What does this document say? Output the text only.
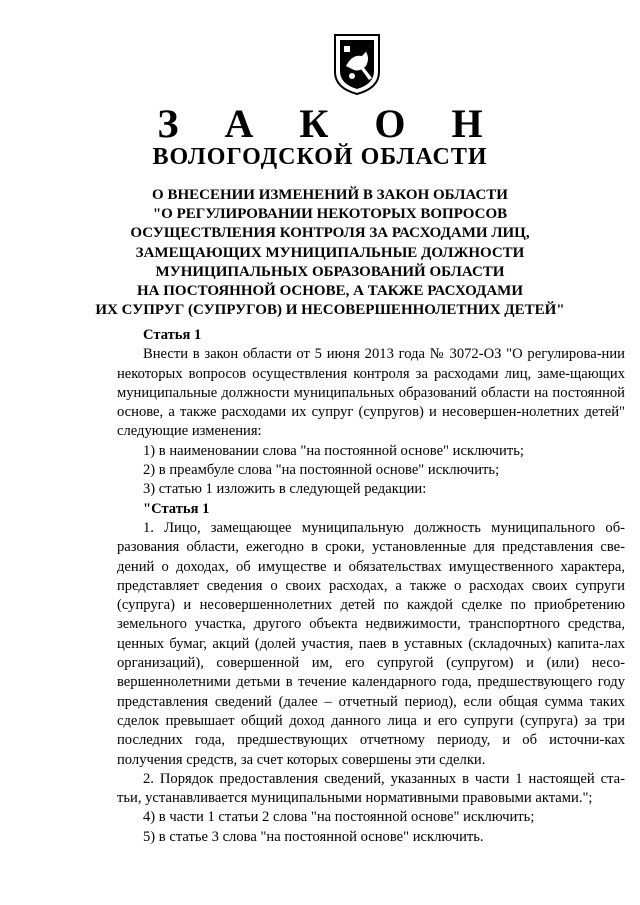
З А К О Н
ВОЛОГОДСКОЙ ОБЛАСТИ
О ВНЕСЕНИИ ИЗМЕНЕНИЙ В ЗАКОН ОБЛАСТИ
"О РЕГУЛИРОВАНИИ НЕКОТОРЫХ ВОПРОСОВ
ОСУЩЕСТВЛЕНИЯ КОНТРОЛЯ ЗА РАСХОДАМИ ЛИЦ,
ЗАМЕЩАЮЩИХ МУНИЦИПАЛЬНЫЕ ДОЛЖНОСТИ
МУНИЦИПАЛЬНЫХ ОБРАЗОВАНИЙ ОБЛАСТИ
НА ПОСТОЯННОЙ ОСНОВЕ, А ТАКЖЕ РАСХОДАМИ
ИХ СУПРУГ (СУПРУГОВ) И НЕСОВЕРШЕННОЛЕТНИХ ДЕТЕЙ"
Статья 1
Внести в закон области от 5 июня 2013 года № 3072-ОЗ "О регулирова-нии некоторых вопросов осуществления контроля за расходами лиц, заме-щающих муниципальные должности муниципальных образований области на постоянной основе, а также расходами их супруг (супругов) и несовершен-нолетних детей" следующие изменения:
1) в наименовании слова "на постоянной основе" исключить;
2) в преамбуле слова "на постоянной основе" исключить;
3) статью 1 изложить в следующей редакции:
"Статья 1
1. Лицо, замещающее муниципальную должность муниципального об-разования области, ежегодно в сроки, установленные для представления све-дений о доходах, об имуществе и обязательствах имущественного характера, представляет сведения о своих расходах, а также о расходах своих супруги (супруга) и несовершеннолетних детей по каждой сделке по приобретению земельного участка, другого объекта недвижимости, транспортного средства, ценных бумаг, акций (долей участия, паев в уставных (складочных) капита-лах организаций), совершенной им, его супругой (супругом) и (или) несо-вершеннолетними детьми в течение календарного года, предшествующего году представления сведений (далее – отчетный период), если общая сумма таких сделок превышает общий доход данного лица и его супруги (супруга) за три последних года, предшествующих отчетному периоду, и об источни-ках получения средств, за счет которых совершены эти сделки.
2. Порядок предоставления сведений, указанных в части 1 настоящей ста-тьи, устанавливается муниципальными нормативными правовыми актами.";
4) в части 1 статьи 2 слова "на постоянной основе" исключить;
5) в статье 3 слова "на постоянной основе" исключить.
